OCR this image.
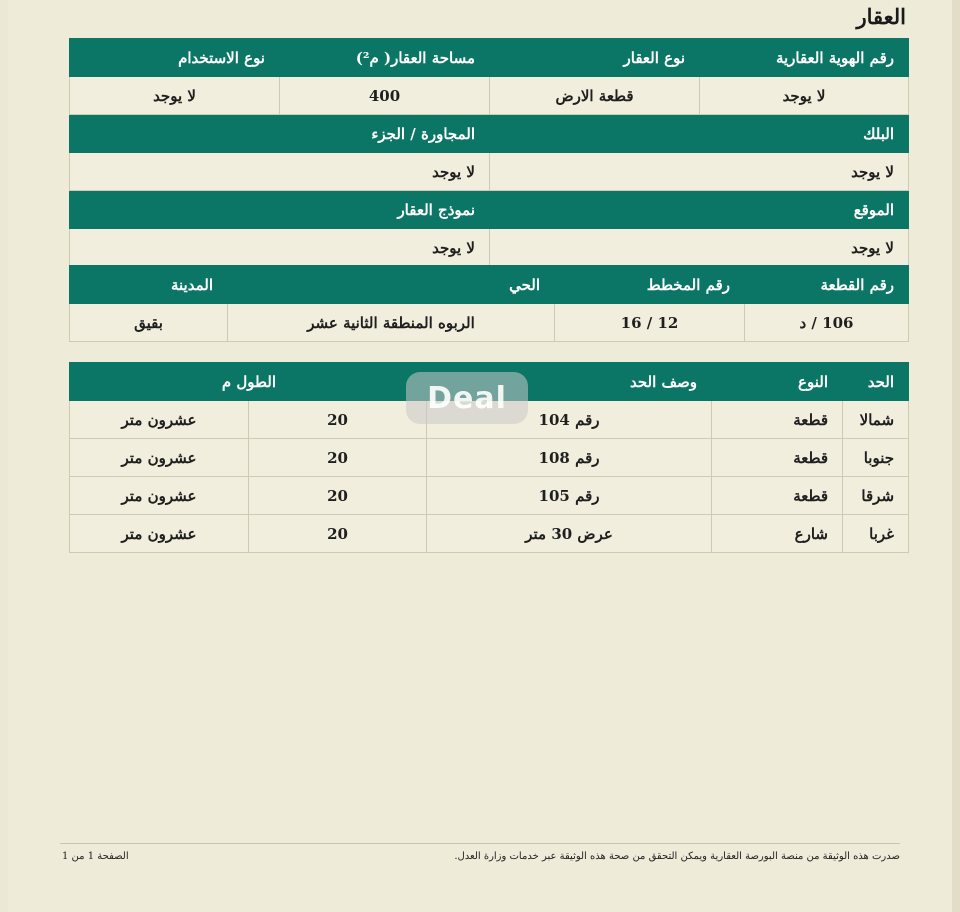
العقار
رقم الهوية العقارية	نوع العقار	مساحة العقار( م²)	نوع الاستخدام
لا يوجد	قطعة الارض	400	لا يوجد
البلك		المجاورة / الجزء	
لا يوجد		لا يوجد	
الموقع		نموذج العقار	
لا يوجد		لا يوجد	
رقم القطعة	رقم المخطط	الحي	المدينة
106 / د	12 / 16	الربوه المنطقة الثانية عشر	بقيق
الحد	النوع	وصف الحد	الطول م	
شمالا	قطعة	رقم 104	20	عشرون متر
جنوبا	قطعة	رقم 108	20	عشرون متر
شرقا	قطعة	رقم 105	20	عشرون متر
غربا	شارع	عرض 30 متر	20	عشرون متر
Deal
صدرت هذه الوثيقة من منصة البورصة العقارية ويمكن التحقق من صحة هذه الوثيقة عبر خدمات وزارة العدل.
الصفحة 1 من 1
